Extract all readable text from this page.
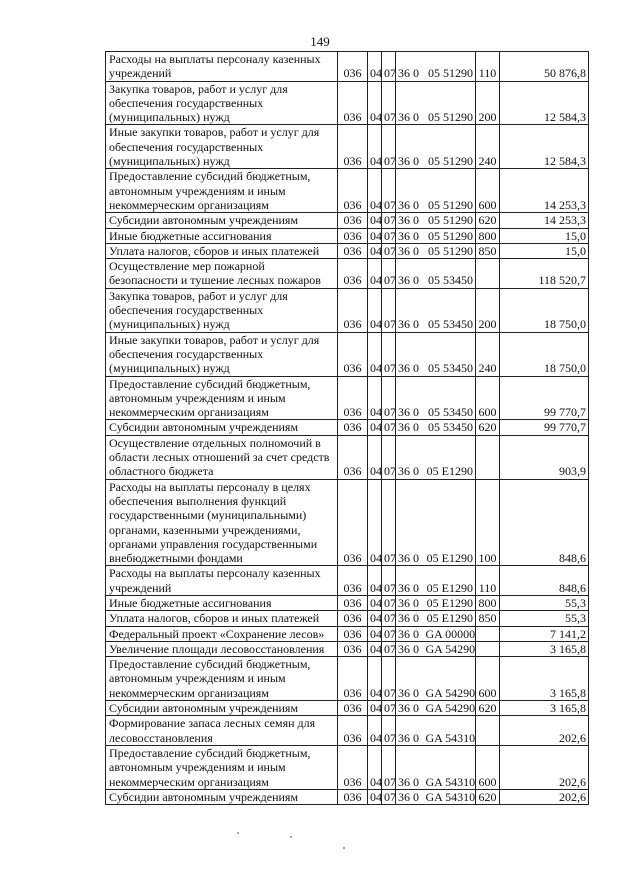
149
Расходы на выплаты персоналу казенных учреждений	036	04	07	36 0	05 51290	110	50 876,8
Закупка товаров, работ и услуг для обеспечения государственных (муниципальных) нужд	036	04	07	36 0	05 51290	200	12 584,3
Иные закупки товаров, работ и услуг для обеспечения государственных (муниципальных) нужд	036	04	07	36 0	05 51290	240	12 584,3
Предоставление субсидий бюджетным, автономным учреждениям и иным некоммерческим организациям	036	04	07	36 0	05 51290	600	14 253,3
Субсидии автономным учреждениям	036	04	07	36 0	05 51290	620	14 253,3
Иные бюджетные ассигнования	036	04	07	36 0	05 51290	800	15,0
Уплата налогов, сборов и иных платежей	036	04	07	36 0	05 51290	850	15,0
Осуществление мер пожарной безопасности и тушение лесных пожаров	036	04	07	36 0	05 53450		118 520,7
Закупка товаров, работ и услуг для обеспечения государственных (муниципальных) нужд	036	04	07	36 0	05 53450	200	18 750,0
Иные закупки товаров, работ и услуг для обеспечения государственных (муниципальных) нужд	036	04	07	36 0	05 53450	240	18 750,0
Предоставление субсидий бюджетным, автономным учреждениям и иным некоммерческим организациям	036	04	07	36 0	05 53450	600	99 770,7
Субсидии автономным учреждениям	036	04	07	36 0	05 53450	620	99 770,7
Осуществление отдельных полномочий в области лесных отношений за счет средств областного бюджета	036	04	07	36 0	05 E1290		903,9
Расходы на выплаты персоналу в целях обеспечения выполнения функций государственными (муниципальными) органами, казенными учреждениями, органами управления государственными внебюджетными фондами	036	04	07	36 0	05 E1290	100	848,6
Расходы на выплаты персоналу казенных учреждений	036	04	07	36 0	05 E1290	110	848,6
Иные бюджетные ассигнования	036	04	07	36 0	05 E1290	800	55,3
Уплата налогов, сборов и иных платежей	036	04	07	36 0	05 E1290	850	55,3
Федеральный проект «Сохранение лесов»	036	04	07	36 0	GA 00000		7 141,2
Увеличение площади лесовосстановления	036	04	07	36 0	GA 54290		3 165,8
Предоставление субсидий бюджетным, автономным учреждениям и иным некоммерческим организациям	036	04	07	36 0	GA 54290	600	3 165,8
Субсидии автономным учреждениям	036	04	07	36 0	GA 54290	620	3 165,8
Формирование запаса лесных семян для лесовосстановления	036	04	07	36 0	GA 54310		202,6
Предоставление субсидий бюджетным, автономным учреждениям и иным некоммерческим организациям	036	04	07	36 0	GA 54310	600	202,6
Субсидии автономным учреждениям	036	04	07	36 0	GA 54310	620	202,6
